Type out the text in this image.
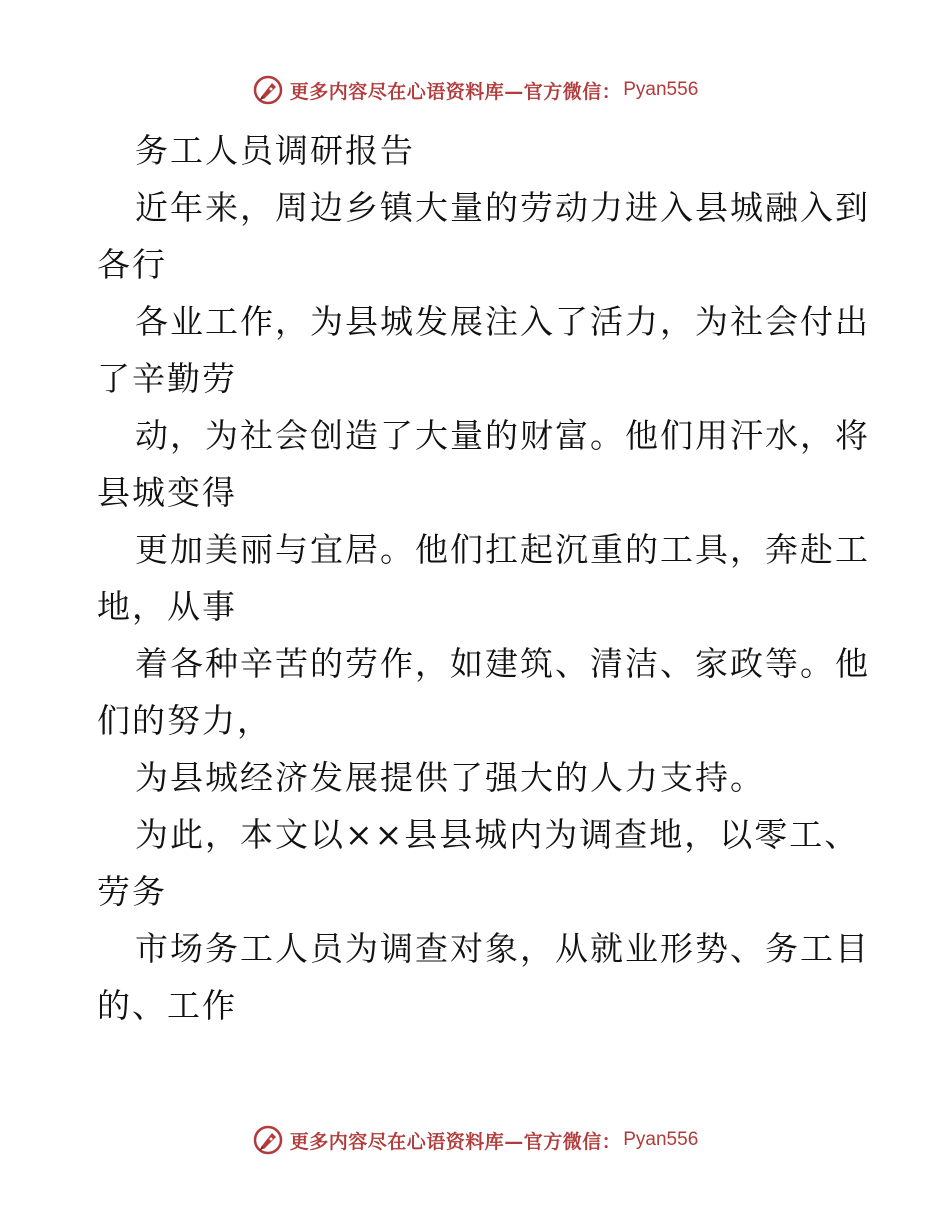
更多内容尽在心语资料库—官方微信： Pyan556
务工人员调研报告
近年来，周边乡镇大量的劳动力进入县城融入到
各行
各业工作，为县城发展注入了活力，为社会付出
了辛勤劳
动，为社会创造了大量的财富。他们用汗水，将
县城变得
更加美丽与宜居。他们扛起沉重的工具，奔赴工
地，从事
着各种辛苦的劳作，如建筑、清洁、家政等。他
们的努力，
为县城经济发展提供了强大的人力支持。
为此，本文以××县县城内为调查地，以零工、
劳务
市场务工人员为调查对象，从就业形势、务工目
的、工作
更多内容尽在心语资料库—官方微信： Pyan556
